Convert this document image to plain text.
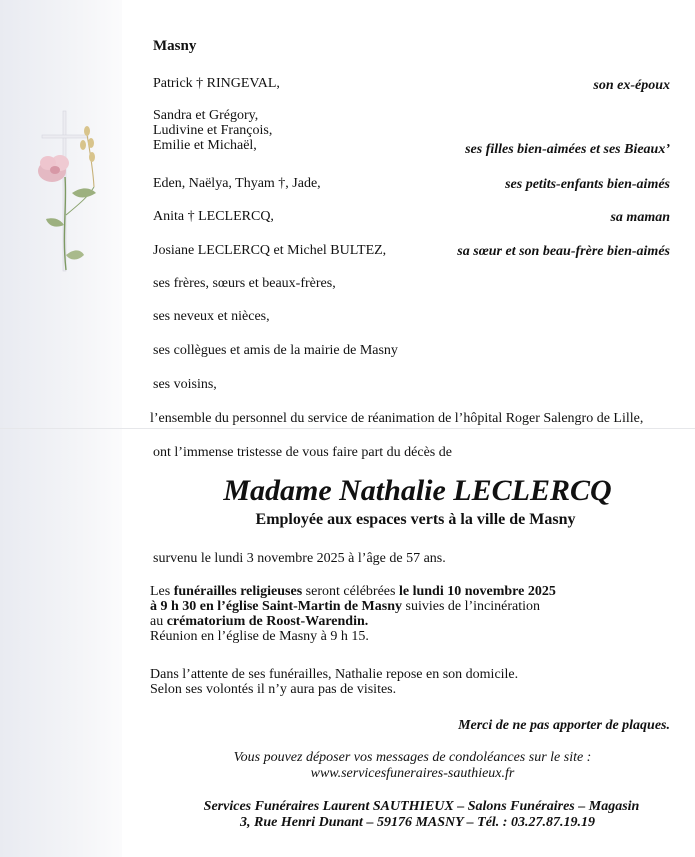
Masny
Patrick † RINGEVAL,	son ex-époux
Sandra et Grégory,
Ludivine et François,
Emilie et Michaël,	ses filles bien-aimées et ses Bieaux’
Eden, Naëlya, Thyam †, Jade,	ses petits-enfants bien-aimés
Anita † LECLERCQ,	sa maman
Josiane LECLERCQ et Michel BULTEZ,	sa sœur et son beau-frère bien-aimés
ses frères, sœurs et beaux-frères,
ses neveux et nièces,
ses collègues et amis de la mairie de Masny
ses voisins,
l’ensemble du personnel du service de réanimation de l’hôpital Roger Salengro de Lille,
ont l’immense tristesse de vous faire part du décès de
Madame Nathalie LECLERCQ
Employée aux espaces verts à la ville de Masny
survenu le lundi 3 novembre 2025 à l’âge de 57 ans.
Les funérailles religieuses seront célébrées le lundi 10 novembre 2025
à 9 h 30 en l’église Saint-Martin de Masny suivies de l’incinération
au crématorium de Roost-Warendin.
Réunion en l’église de Masny à 9 h 15.
Dans l’attente de ses funérailles, Nathalie repose en son domicile.
Selon ses volontés il n’y aura pas de visites.
Merci de ne pas apporter de plaques.
Vous pouvez déposer vos messages de condoléances sur le site :
www.servicesfuneraires-sauthieux.fr
Services Funéraires Laurent SAUTHIEUX – Salons Funéraires – Magasin
3, Rue Henri Dunant – 59176 MASNY – Tél. : 03.27.87.19.19
